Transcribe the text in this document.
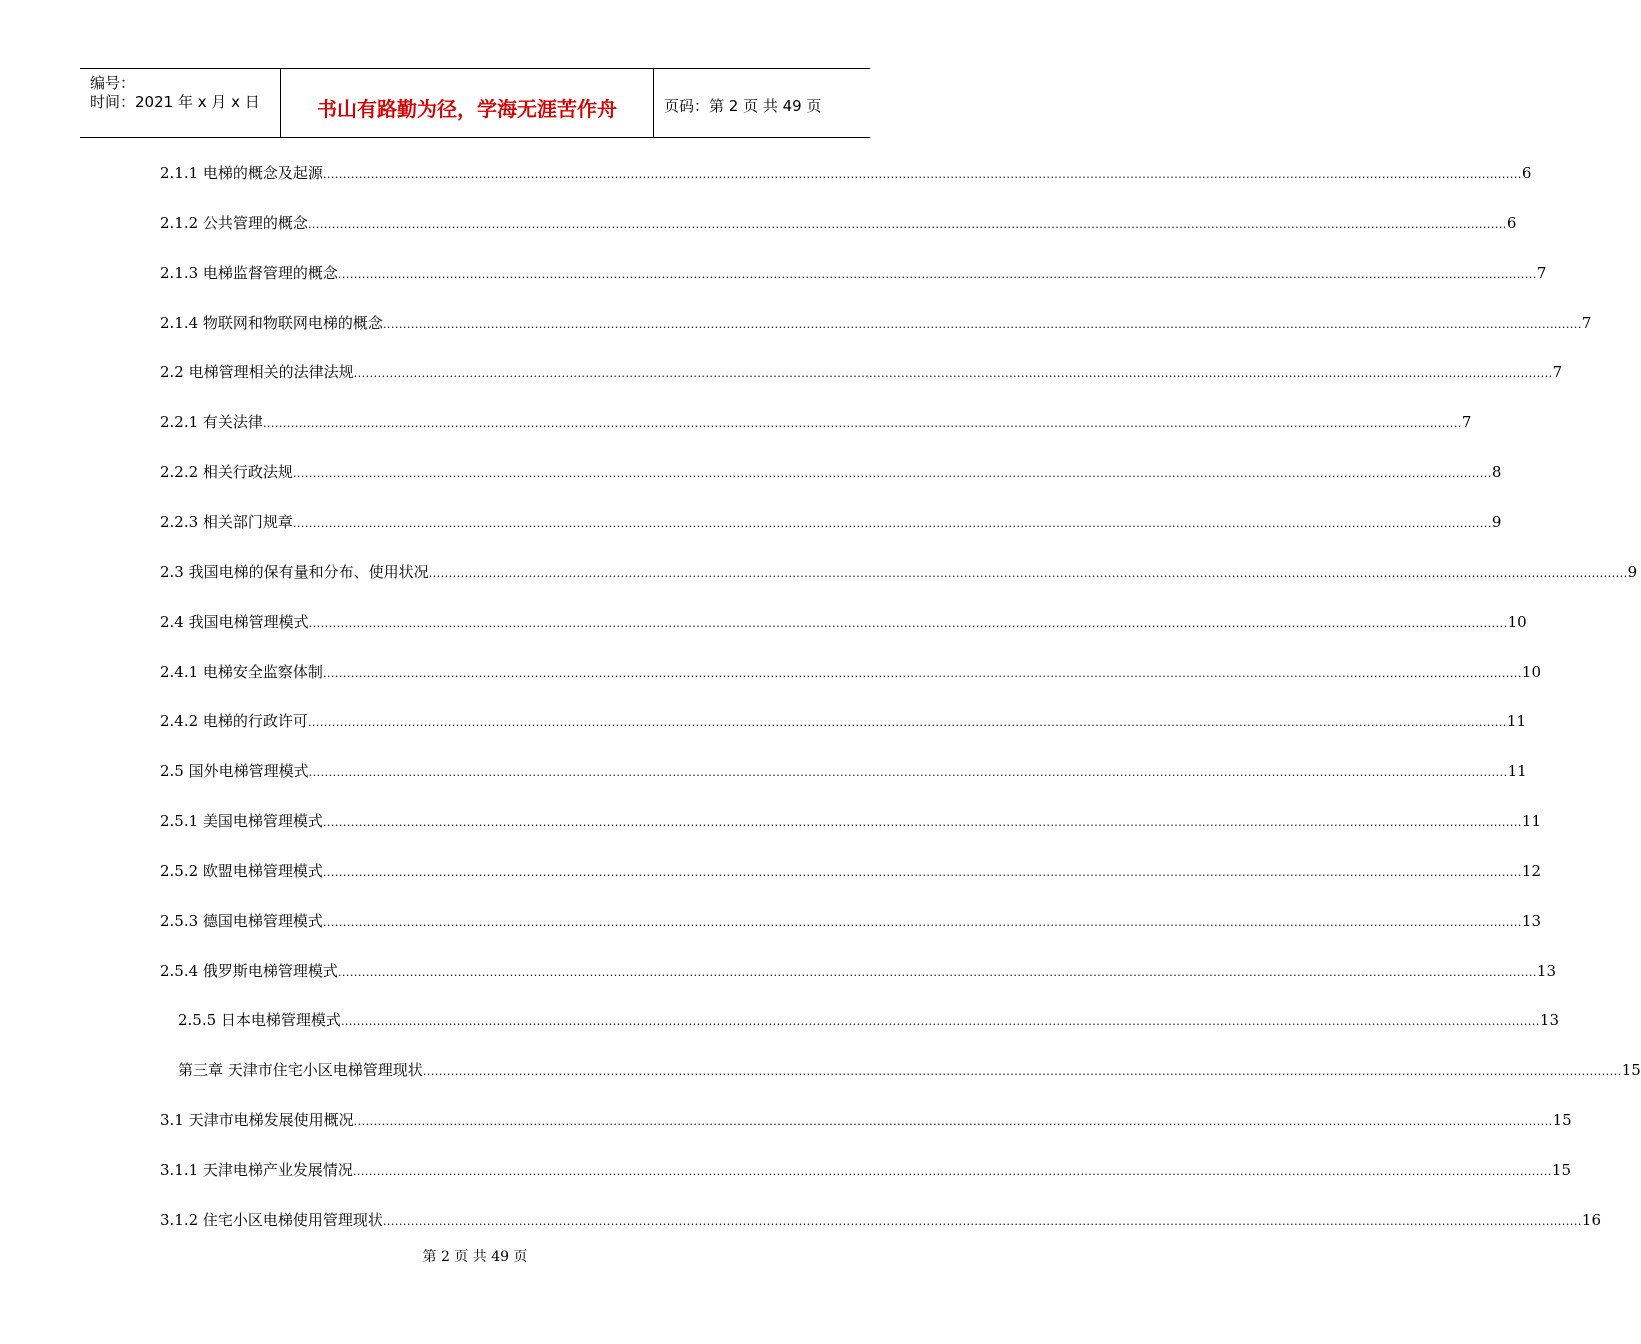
编号：
时间：2021 年 x 月 x 日	书山有路勤为径，学海无涯苦作舟	页码：第 2 页 共 49 页
2.1.1 电梯的概念及起源 ............................................................................................................................................................................................................................................................................................................ 6
2.1.2 公共管理的概念 ............................................................................................................................................................................................................................................................................................................ 6
2.1.3 电梯监督管理的概念 ............................................................................................................................................................................................................................................................................................................ 7
2.1.4 物联网和物联网电梯的概念 ............................................................................................................................................................................................................................................................................................................ 7
2.2 电梯管理相关的法律法规 ............................................................................................................................................................................................................................................................................................................ 7
2.2.1 有关法律 ............................................................................................................................................................................................................................................................................................................ 7
2.2.2 相关行政法规 ............................................................................................................................................................................................................................................................................................................ 8
2.2.3 相关部门规章 ............................................................................................................................................................................................................................................................................................................ 9
2.3 我国电梯的保有量和分布、使用状况 ............................................................................................................................................................................................................................................................................................................ 9
2.4 我国电梯管理模式 ............................................................................................................................................................................................................................................................................................................ 10
2.4.1 电梯安全监察体制 ............................................................................................................................................................................................................................................................................................................ 10
2.4.2 电梯的行政许可 ............................................................................................................................................................................................................................................................................................................ 11
2.5 国外电梯管理模式 ............................................................................................................................................................................................................................................................................................................ 11
2.5.1 美国电梯管理模式 ............................................................................................................................................................................................................................................................................................................ 11
2.5.2 欧盟电梯管理模式 ............................................................................................................................................................................................................................................................................................................ 12
2.5.3 德国电梯管理模式 ............................................................................................................................................................................................................................................................................................................ 13
2.5.4 俄罗斯电梯管理模式 ............................................................................................................................................................................................................................................................................................................ 13
2.5.5 日本电梯管理模式 ............................................................................................................................................................................................................................................................................................................ 13
第三章 天津市住宅小区电梯管理现状 ............................................................................................................................................................................................................................................................................................................ 15
3.1 天津市电梯发展使用概况 ............................................................................................................................................................................................................................................................................................................ 15
3.1.1 天津电梯产业发展情况 ............................................................................................................................................................................................................................................................................................................ 15
3.1.2 住宅小区电梯使用管理现状 ............................................................................................................................................................................................................................................................................................................ 16
第 2 页 共 49 页
